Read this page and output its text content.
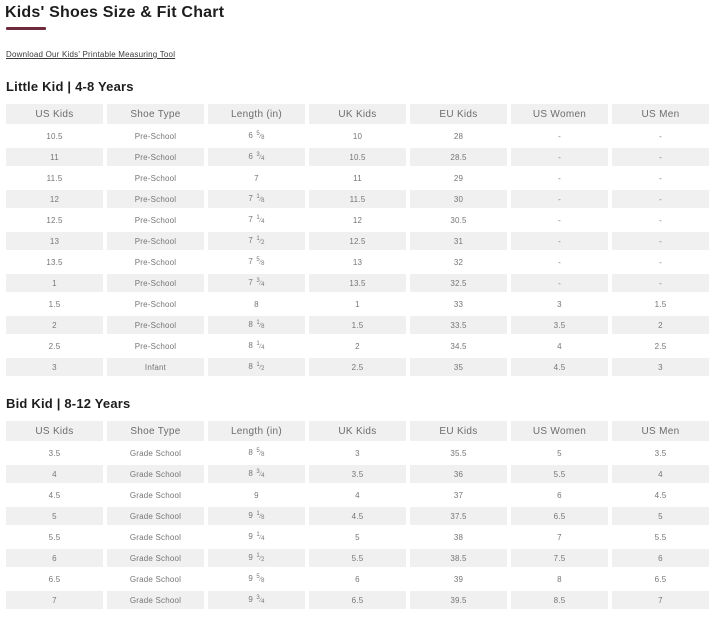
Kids' Shoes Size & Fit Chart
Download Our Kids' Printable Measuring Tool
Little Kid | 4-8 Years
US Kids	Shoe Type	Length (in)	UK Kids	EU Kids	US Women	US Men
10.5	Pre-School	6 $^5⁄_8$	10	28	-	-
11	Pre-School	6 $^3⁄_4$	10.5	28.5	-	-
11.5	Pre-School	7	11	29	-	-
12	Pre-School	7 $^1⁄_8$	11.5	30	-	-
12.5	Pre-School	7 $^1⁄_4$	12	30.5	-	-
13	Pre-School	7 $^1⁄_2$	12.5	31	-	-
13.5	Pre-School	7 $^5⁄_8$	13	32	-	-
1	Pre-School	7 $^3⁄_4$	13.5	32.5	-	-
1.5	Pre-School	8	1	33	3	1.5
2	Pre-School	8 $^1⁄_8$	1.5	33.5	3.5	2
2.5	Pre-School	8 $^1⁄_4$	2	34.5	4	2.5
3	Infant	8 $^1⁄_2$	2.5	35	4.5	3
Bid Kid | 8-12 Years
US Kids	Shoe Type	Length (in)	UK Kids	EU Kids	US Women	US Men
3.5	Grade School	8 $^5⁄_8$	3	35.5	5	3.5
4	Grade School	8 $^3⁄_4$	3.5	36	5.5	4
4.5	Grade School	9	4	37	6	4.5
5	Grade School	9 $^1⁄_8$	4.5	37.5	6.5	5
5.5	Grade School	9 $^1⁄_4$	5	38	7	5.5
6	Grade School	9 $^1⁄_2$	5.5	38.5	7.5	6
6.5	Grade School	9 $^5⁄_8$	6	39	8	6.5
7	Grade School	9 $^3⁄_4$	6.5	39.5	8.5	7
